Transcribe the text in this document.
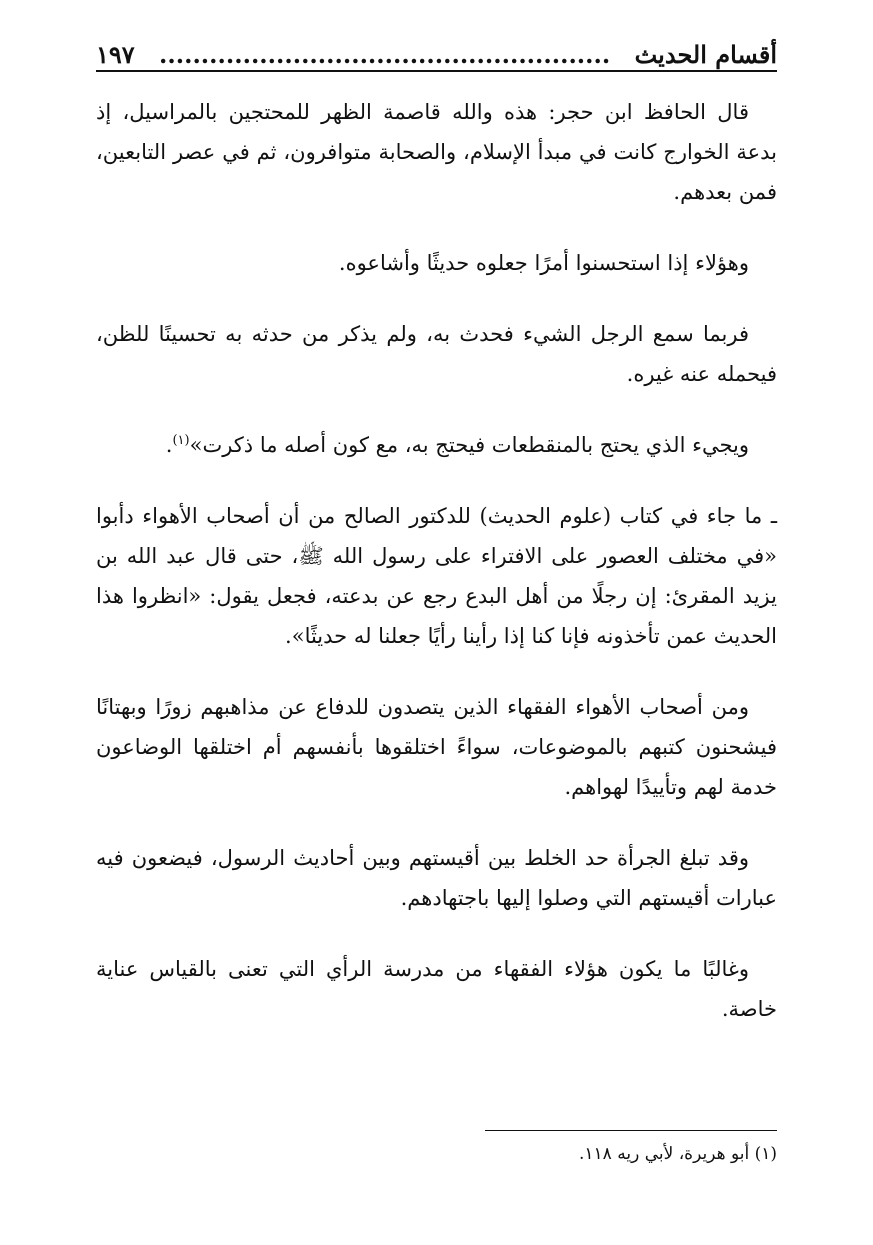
أقسام الحديث
......................................................
١٩٧

قال الحافظ ابن حجر: هذه والله قاصمة الظهر للمحتجين بالمراسيل، إذ بدعة الخوارج كانت في مبدأ الإسلام، والصحابة متوافرون، ثم في عصر التابعين، فمن بعدهم.

وهؤلاء إذا استحسنوا أمرًا جعلوه حديثًا وأشاعوه.

فربما سمع الرجل الشيء فحدث به، ولم يذكر من حدثه به تحسينًا للظن، فيحمله عنه غيره.

ويجيء الذي يحتج بالمنقطعات فيحتج به، مع كون أصله ما ذكرت»$^{(١)}$.

ـ ما جاء في كتاب (علوم الحديث) للدكتور الصالح من أن أصحاب الأهواء دأبوا «في مختلف العصور على الافتراء على رسول الله ﷺ، حتى قال عبد الله بن يزيد المقرئ: إن رجلًا من أهل البدع رجع عن بدعته، فجعل يقول: «انظروا هذا الحديث عمن تأخذونه فإنا كنا إذا رأينا رأيًا جعلنا له حديثًا».

ومن أصحاب الأهواء الفقهاء الذين يتصدون للدفاع عن مذاهبهم زورًا وبهتانًا فيشحنون كتبهم بالموضوعات، سواءً اختلقوها بأنفسهم أم اختلقها الوضاعون خدمة لهم وتأييدًا لهواهم.

وقد تبلغ الجرأة حد الخلط بين أقيستهم وبين أحاديث الرسول، فيضعون فيه عبارات أقيستهم التي وصلوا إليها باجتهادهم.

وغالبًا ما يكون هؤلاء الفقهاء من مدرسة الرأي التي تعنى بالقياس عناية خاصة.

(١) أبو هريرة، لأبي ريه ١١٨.
